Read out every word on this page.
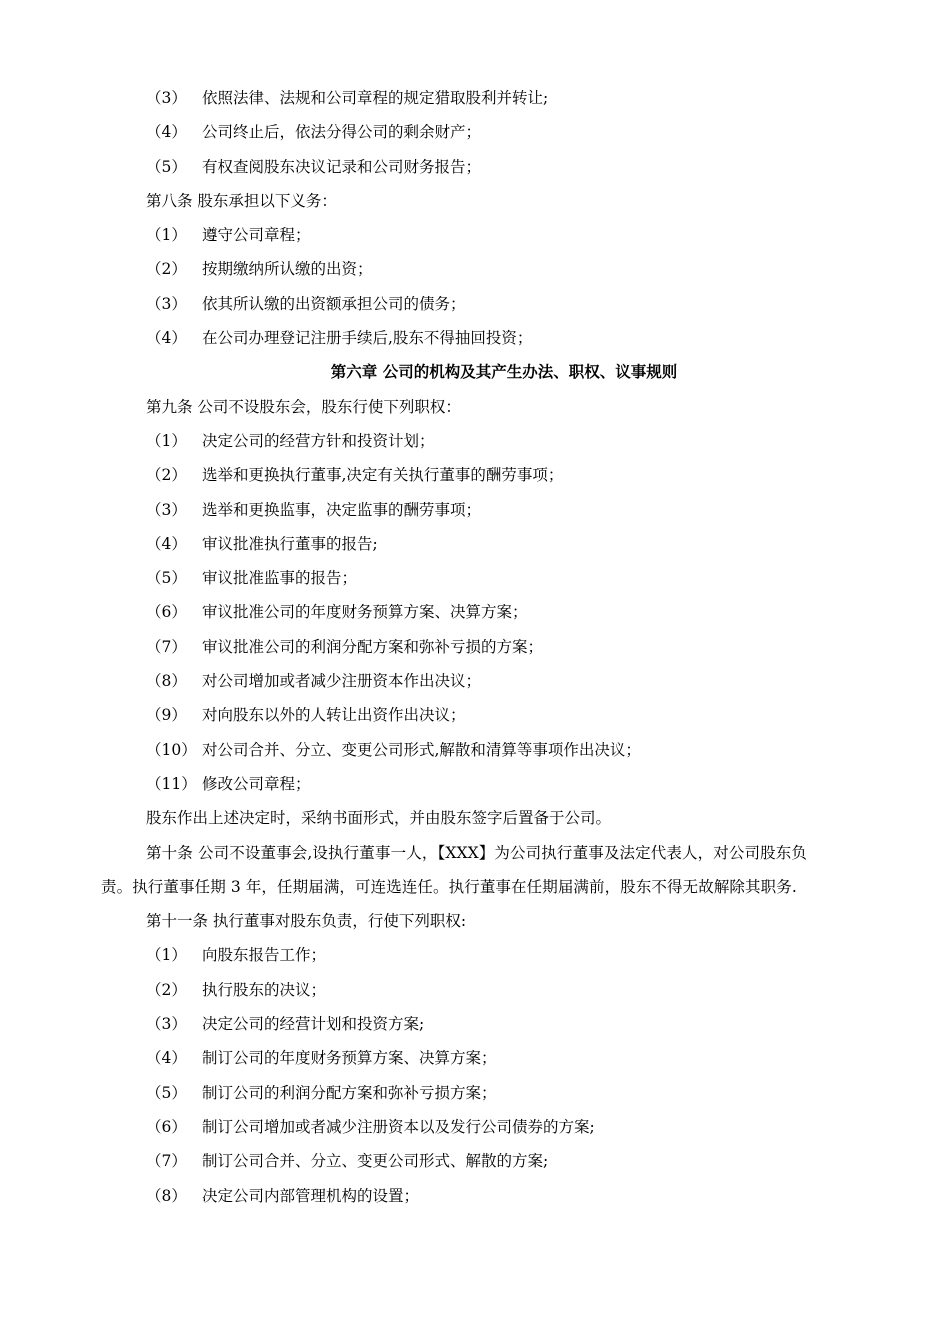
（3） 依照法律、法规和公司章程的规定猎取股利并转让;
（4） 公司终止后，依法分得公司的剩余财产；
（5） 有权查阅股东决议记录和公司财务报告；
第八条 股东承担以下义务：
（1） 遵守公司章程；
（2） 按期缴纳所认缴的出资；
（3） 依其所认缴的出资额承担公司的债务；
（4） 在公司办理登记注册手续后,股东不得抽回投资；
第六章 公司的机构及其产生办法、职权、议事规则
第九条 公司不设股东会，股东行使下列职权：
（1） 决定公司的经营方针和投资计划；
（2） 选举和更换执行董事,决定有关执行董事的酬劳事项；
（3） 选举和更换监事，决定监事的酬劳事项；
（4） 审议批准执行董事的报告;
（5） 审议批准监事的报告；
（6） 审议批准公司的年度财务预算方案、决算方案；
（7） 审议批准公司的利润分配方案和弥补亏损的方案；
（8） 对公司增加或者减少注册资本作出决议；
（9） 对向股东以外的人转让出资作出决议；
（10） 对公司合并、分立、变更公司形式,解散和清算等事项作出决议；
（11） 修改公司章程；
股东作出上述决定时，采纳书面形式，并由股东签字后置备于公司。
第十条 公司不设董事会,设执行董事一人，【XXX】为公司执行董事及法定代表人，对公司股东负责。执行董事任期 3 年，任期届满，可连选连任。执行董事在任期届满前，股东不得无故解除其职务.
第十一条 执行董事对股东负责，行使下列职权:
（1） 向股东报告工作；
（2） 执行股东的决议；
（3） 决定公司的经营计划和投资方案;
（4） 制订公司的年度财务预算方案、决算方案；
（5） 制订公司的利润分配方案和弥补亏损方案；
（6） 制订公司增加或者减少注册资本以及发行公司债券的方案;
（7） 制订公司合并、分立、变更公司形式、解散的方案;
（8） 决定公司内部管理机构的设置；
